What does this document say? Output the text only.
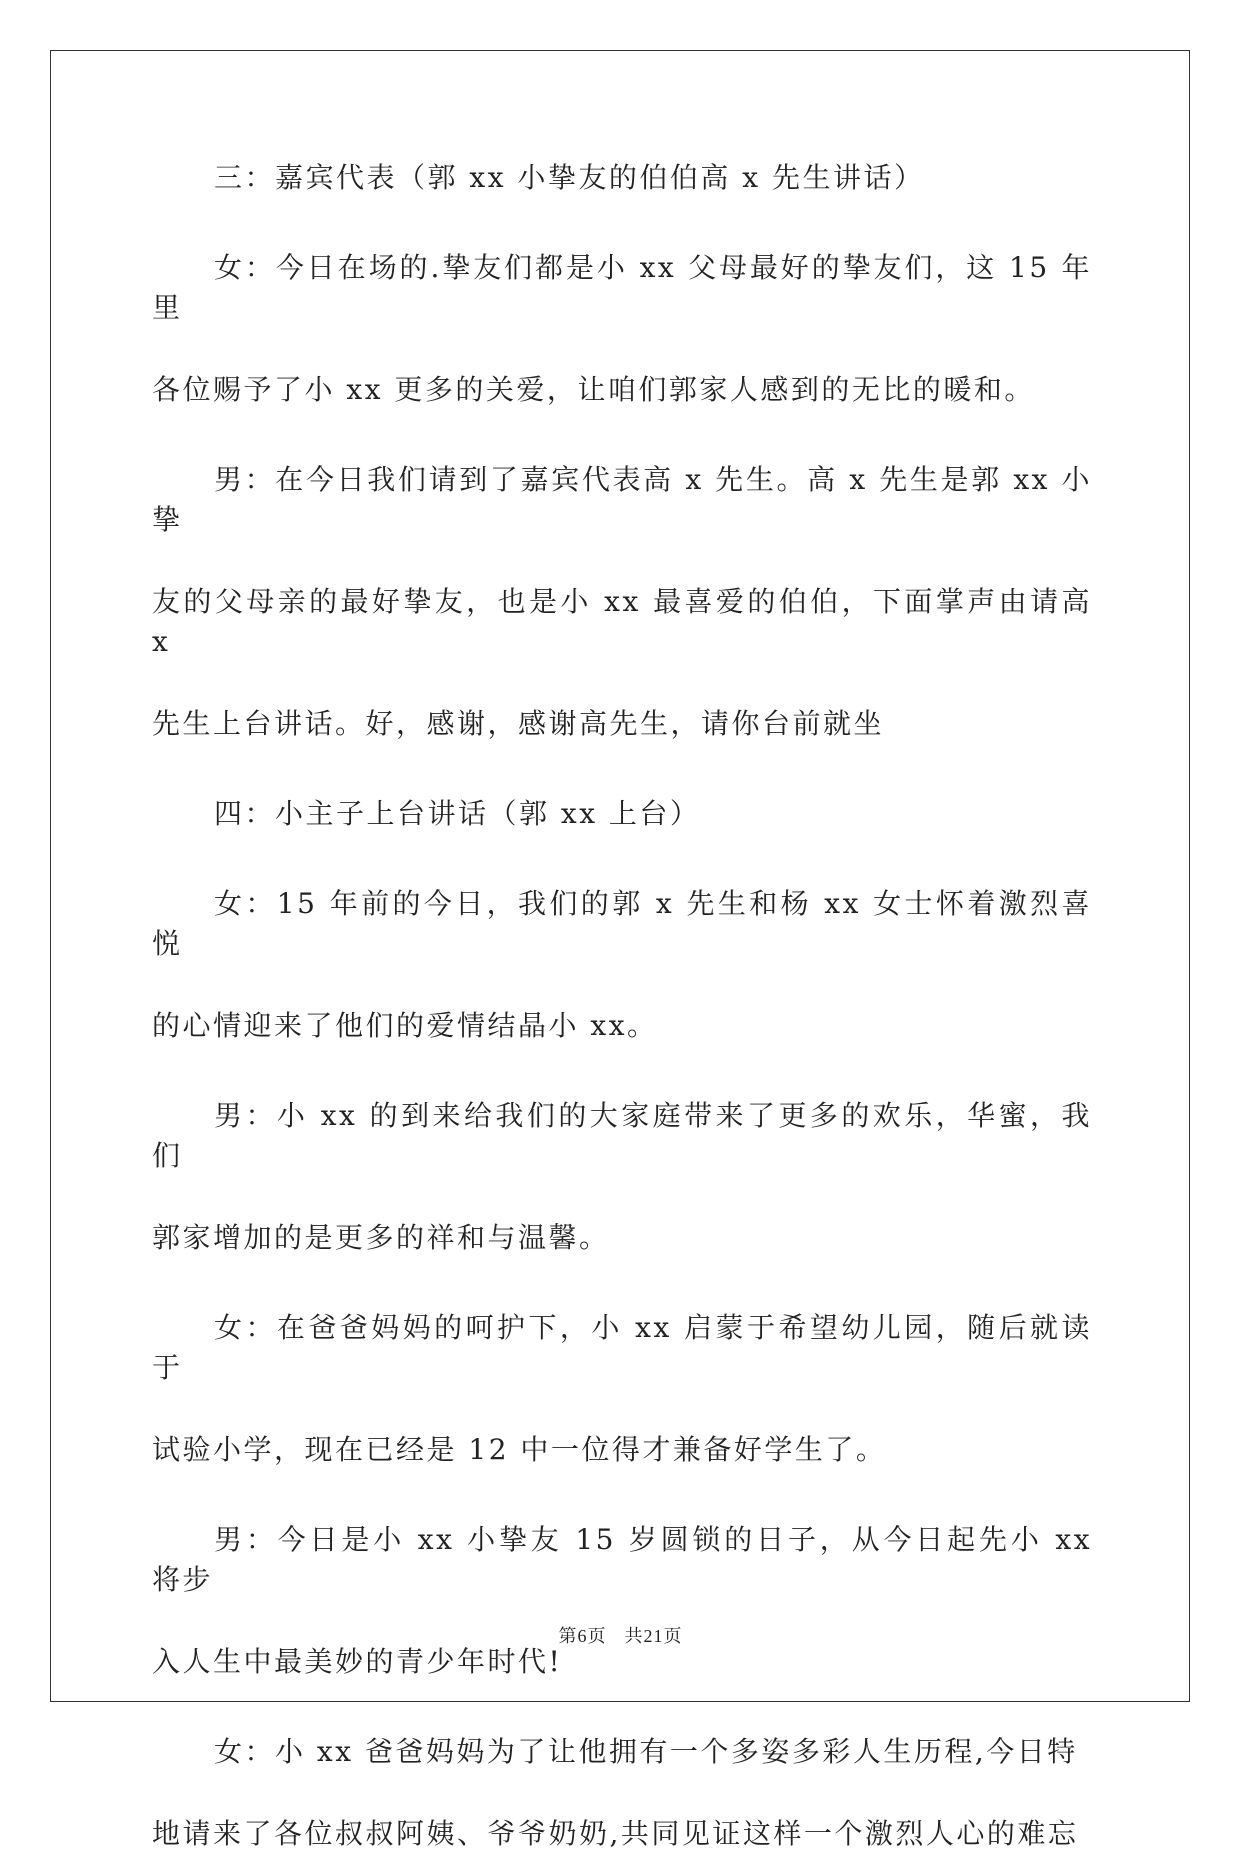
三：嘉宾代表（郭 xx 小挚友的伯伯高 x 先生讲话）

女：今日在场的.挚友们都是小 xx 父母最好的挚友们，这 15 年里
各位赐予了小 xx 更多的关爱，让咱们郭家人感到的无比的暖和。

男：在今日我们请到了嘉宾代表高 x 先生。高 x 先生是郭 xx 小挚
友的父母亲的最好挚友，也是小 xx 最喜爱的伯伯，下面掌声由请高 x
先生上台讲话。好，感谢，感谢高先生，请你台前就坐

四：小主子上台讲话（郭 xx 上台）

女：15 年前的今日，我们的郭 x 先生和杨 xx 女士怀着激烈喜悦
的心情迎来了他们的爱情结晶小 xx。

男：小 xx 的到来给我们的大家庭带来了更多的欢乐，华蜜，我们
郭家增加的是更多的祥和与温馨。

女：在爸爸妈妈的呵护下，小 xx 启蒙于希望幼儿园，随后就读于
试验小学，现在已经是 12 中一位得才兼备好学生了。

男：今日是小 xx 小挚友 15 岁圆锁的日子，从今日起先小 xx 将步
入人生中最美妙的青少年时代!

女：小 xx 爸爸妈妈为了让他拥有一个多姿多彩人生历程,今日特
地请来了各位叔叔阿姨、爷爷奶奶,共同见证这样一个激烈人心的难忘

第6页 共21页
